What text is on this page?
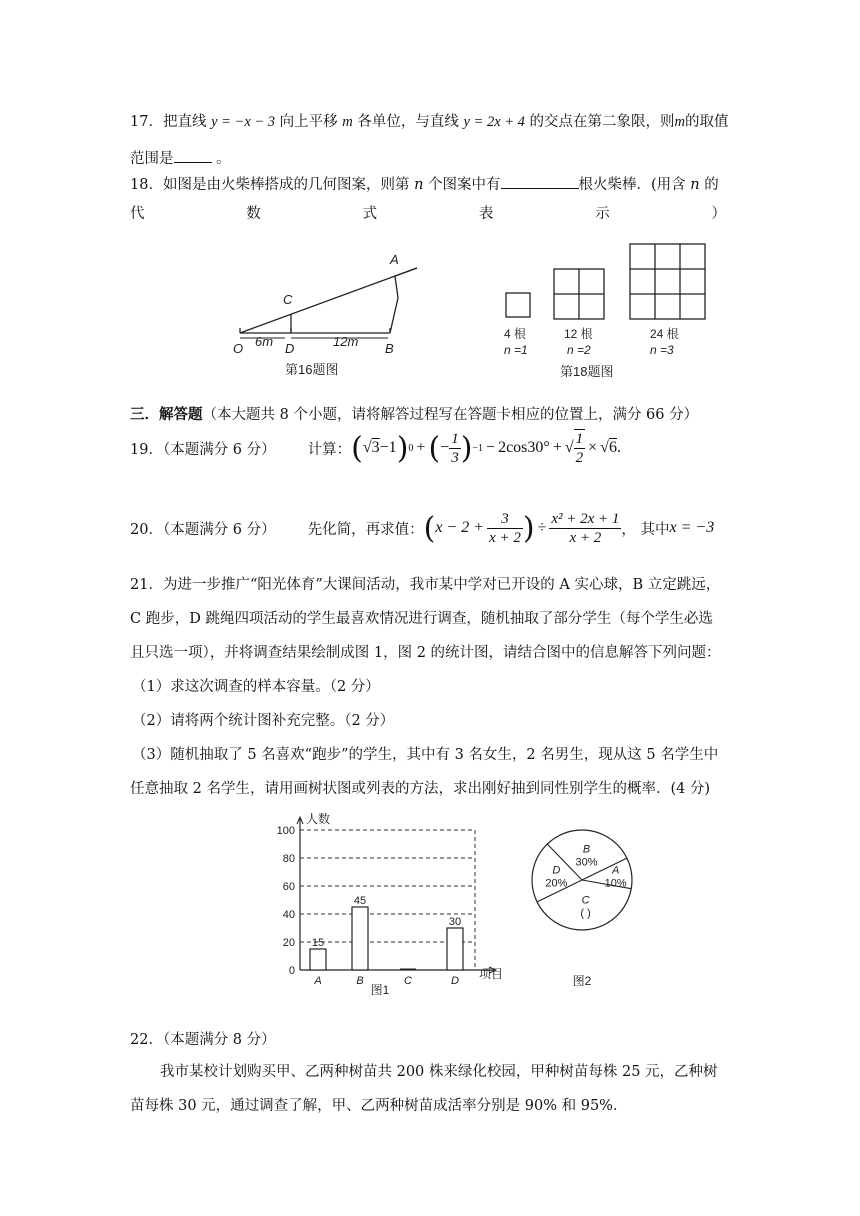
17．把直线 y = −x − 3 向上平移 m 各单位，与直线 y = 2x + 4 的交点在第二象限，则m的取值
范围是	。
18．如图是由火柴棒搭成的几何图案，则第 n 个图案中有	根火柴棒．(用含 n 的
代	数	式	表	示	）
A
C
O	D	B
6m	12m
第16题图
4 根
n =1
12 根
n =2
24 根
n =3
第18题图
三．解答题（本大题共 8 个小题，请将解答过程写在答题卡相应的位置上，满分 66 分）
19．（本题满分 6 分） 计算： ( √3−1 ) 0 + ( − $\frac{1}{3}$ ) −1 − 2cos30° + √ $\frac{1}{2} \times √6$ .
20．（本题满分 6 分） 先化简，再求值： ( $x - 2 + \frac{3}{x + 2}$ ) ÷ $\frac{\text{x² + 2x + 1}}{x + 2}$ ， 其中 x = −3
21．为进一步推广“阳光体育”大课间活动，我市某中学对已开设的 A 实心球，B 立定跳远，
C 跑步，D 跳绳四项活动的学生最喜欢情况进行调查，随机抽取了部分学生（每个学生必选
且只选一项），并将调查结果绘制成图 1，图 2 的统计图，请结合图中的信息解答下列问题：
（1）求这次调查的样本容量。（2 分）
（2）请将两个统计图补充完整。（2 分）
（3）随机抽取了 5 名喜欢“跑步”的学生，其中有 3 名女生，2 名男生，现从这 5 名学生中
任意抽取 2 名学生，请用画树状图或列表的方法，求出刚好抽到同性别学生的概率．(4 分)
0
20
40
60
80
100
人数
项目
15
A
45
B	C
30
D
图1
A
10%
B
30%
D
20%
C
( )
图2
22．（本题满分 8 分）
我市某校计划购买甲、乙两种树苗共 200 株来绿化校园，甲种树苗每株 25 元，乙种树
苗每株 30 元，通过调查了解，甲、乙两种树苗成活率分别是 90% 和 95%．
